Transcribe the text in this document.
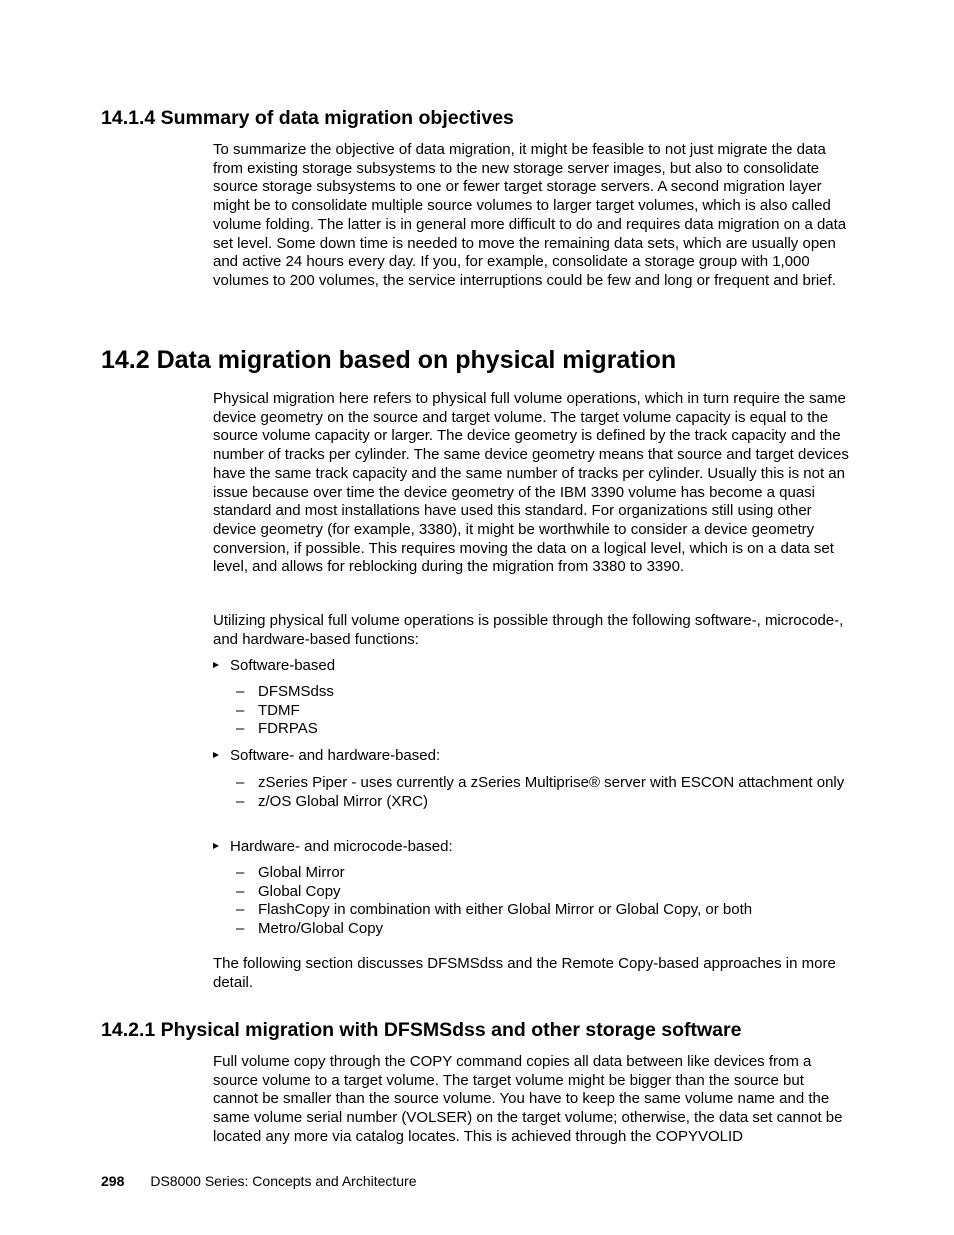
14.1.4 Summary of data migration objectives

To summarize the objective of data migration, it might be feasible to not just migrate the data from existing storage subsystems to the new storage server images, but also to consolidate source storage subsystems to one or fewer target storage servers. A second migration layer might be to consolidate multiple source volumes to larger target volumes, which is also called volume folding. The latter is in general more difficult to do and requires data migration on a data set level. Some down time is needed to move the remaining data sets, which are usually open and active 24 hours every day. If you, for example, consolidate a storage group with 1,000 volumes to 200 volumes, the service interruptions could be few and long or frequent and brief.

14.2 Data migration based on physical migration

Physical migration here refers to physical full volume operations, which in turn require the same device geometry on the source and target volume. The target volume capacity is equal to the source volume capacity or larger. The device geometry is defined by the track capacity and the number of tracks per cylinder. The same device geometry means that source and target devices have the same track capacity and the same number of tracks per cylinder. Usually this is not an issue because over time the device geometry of the IBM 3390 volume has become a quasi standard and most installations have used this standard. For organizations still using other device geometry (for example, 3380), it might be worthwhile to consider a device geometry conversion, if possible. This requires moving the data on a logical level, which is on a data set level, and allows for reblocking during the migration from 3380 to 3390.

Utilizing physical full volume operations is possible through the following software-, microcode-, and hardware-based functions:

Software-based
– DFSMSdss
– TDMF
– FDRPAS
Software- and hardware-based:
– zSeries Piper - uses currently a zSeries Multiprise® server with ESCON attachment only
– z/OS Global Mirror (XRC)
Hardware- and microcode-based:
– Global Mirror
– Global Copy
– FlashCopy in combination with either Global Mirror or Global Copy, or both
– Metro/Global Copy

The following section discusses DFSMSdss and the Remote Copy-based approaches in more detail.

14.2.1 Physical migration with DFSMSdss and other storage software

Full volume copy through the COPY command copies all data between like devices from a source volume to a target volume. The target volume might be bigger than the source but cannot be smaller than the source volume. You have to keep the same volume name and the same volume serial number (VOLSER) on the target volume; otherwise, the data set cannot be located any more via catalog locates. This is achieved through the COPYVOLID

298 DS8000 Series: Concepts and Architecture
